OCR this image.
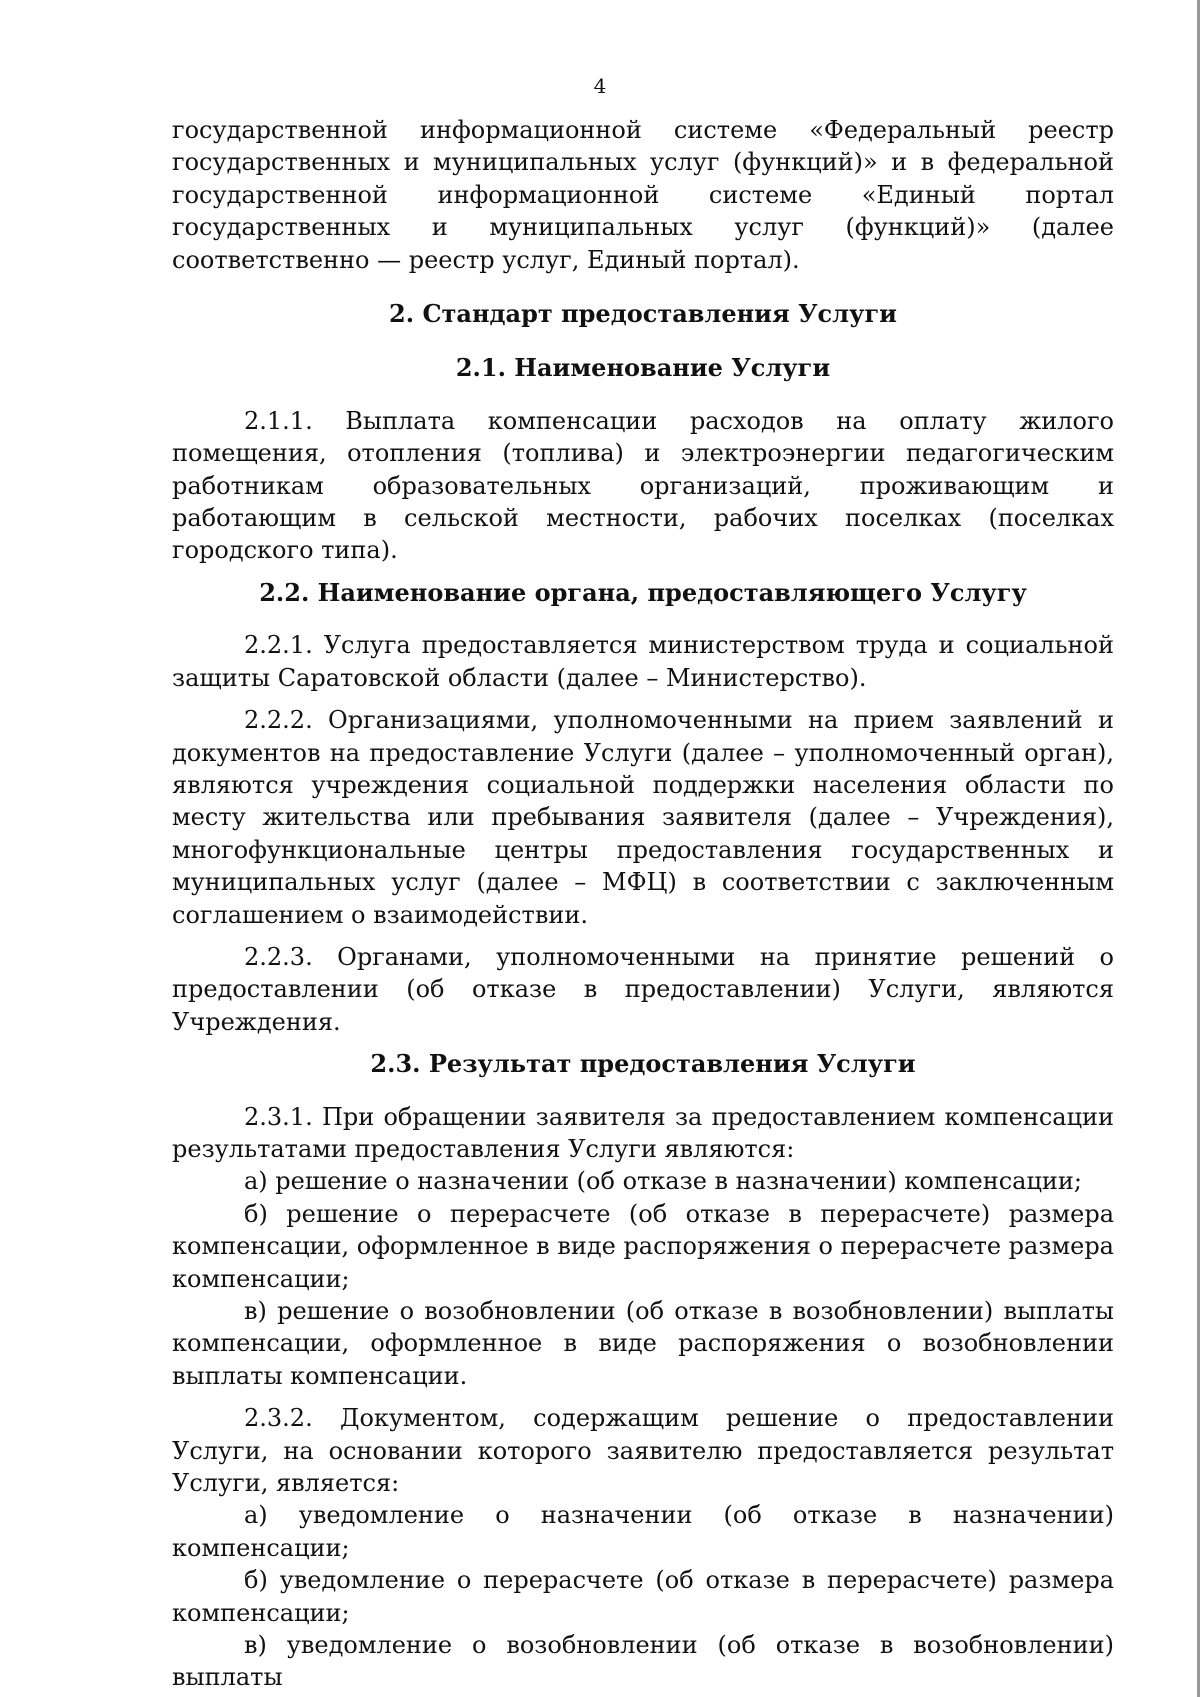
4

государственной информационной системе «Федеральный реестр государственных и муниципальных услуг (функций)» и в федеральной государственной информационной системе «Единый портал государственных и муниципальных услуг (функций)» (далее соответственно — реестр услуг, Единый портал).

2. Стандарт предоставления Услуги

2.1. Наименование Услуги

2.1.1. Выплата компенсации расходов на оплату жилого помещения, отопления (топлива) и электроэнергии педагогическим работникам образовательных организаций, проживающим и работающим в сельской местности, рабочих поселках (поселках городского типа).

2.2. Наименование органа, предоставляющего Услугу

2.2.1. Услуга предоставляется министерством труда и социальной защиты Саратовской области (далее – Министерство).

2.2.2. Организациями, уполномоченными на прием заявлений и документов на предоставление Услуги (далее – уполномоченный орган), являются учреждения социальной поддержки населения области по месту жительства или пребывания заявителя (далее – Учреждения), многофункциональные центры предоставления государственных и муниципальных услуг (далее – МФЦ) в соответствии с заключенным соглашением о взаимодействии.

2.2.3. Органами, уполномоченными на принятие решений о предоставлении (об отказе в предоставлении) Услуги, являются Учреждения.

2.3. Результат предоставления Услуги

2.3.1. При обращении заявителя за предоставлением компенсации результатами предоставления Услуги являются:

а) решение о назначении (об отказе в назначении) компенсации;

б) решение о перерасчете (об отказе в перерасчете) размера компенсации, оформленное в виде распоряжения о перерасчете размера компенсации;

в) решение о возобновлении (об отказе в возобновлении) выплаты компенсации, оформленное в виде распоряжения о возобновлении выплаты компенсации.

2.3.2. Документом, содержащим решение о предоставлении Услуги, на основании которого заявителю предоставляется результат Услуги, является:

а) уведомление о назначении (об отказе в назначении) компенсации;

б) уведомление о перерасчете (об отказе в перерасчете) размера компенсации;

в) уведомление о возобновлении (об отказе в возобновлении) выплаты
